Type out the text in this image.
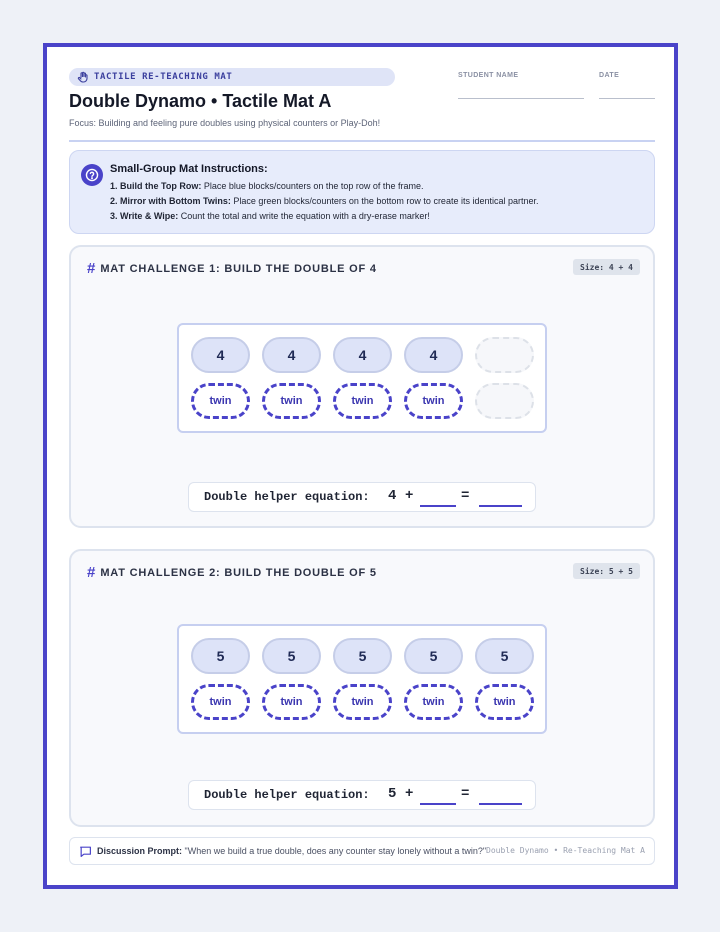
TACTILE RE-TEACHING MAT
Double Dynamo • Tactile Mat A
Focus: Building and feeling pure doubles using physical counters or Play-Doh!
STUDENT NAME	DATE
Small-Group Mat Instructions:
1. Build the Top Row: Place blue blocks/counters on the top row of the frame.
2. Mirror with Bottom Twins: Place green blocks/counters on the bottom row to create its identical partner.
3. Write & Wipe: Count the total and write the equation with a dry-erase marker!
# MAT CHALLENGE 1: BUILD THE DOUBLE OF 4	Size: 4 + 4
4	4	4	4
twin	twin	twin	twin
Double helper equation: 4 +	=
# MAT CHALLENGE 2: BUILD THE DOUBLE OF 5	Size: 5 + 5
5	5	5	5	5
twin	twin	twin	twin	twin
Double helper equation: 5 +	=
Discussion Prompt: "When we build a true double, does any counter stay lonely without a twin?" Double Dynamo • Re-Teaching Mat A
